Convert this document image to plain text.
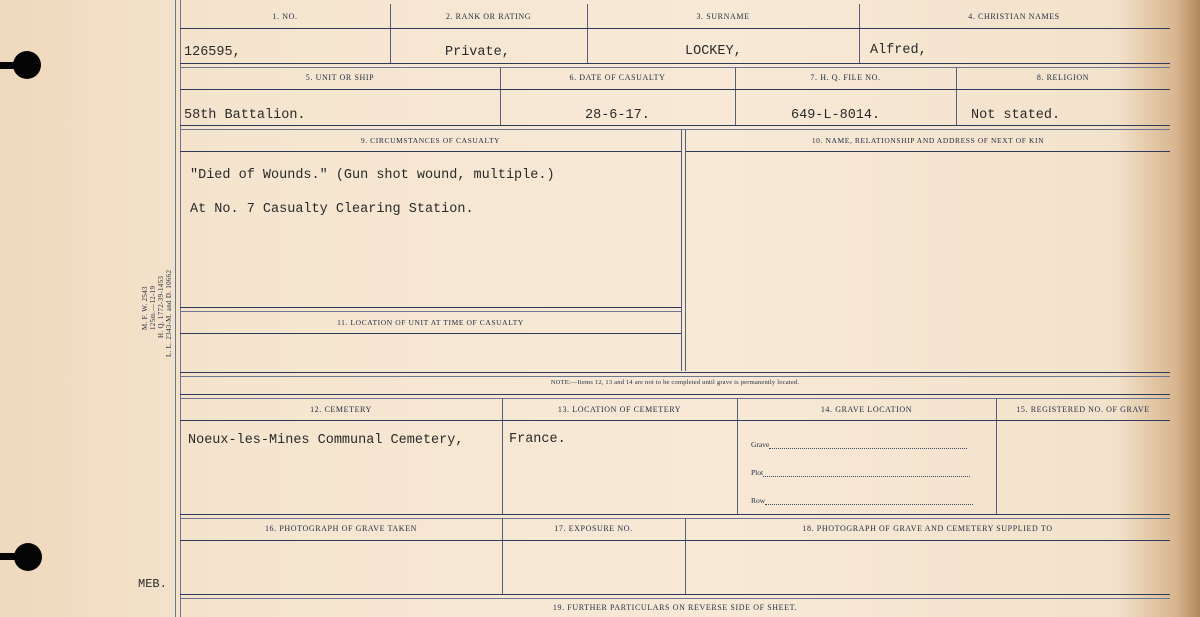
M. F. W. 2543 125m.—12-19 H. Q. 1772-39-1453 L. L. 2343-M. and D. 10662
MEB.
1. NO.	2. RANK OR RATING	3. SURNAME	4. CHRISTIAN NAMES
126595,	Private,	LOCKEY,	Alfred,
5. UNIT OR SHIP	6. DATE OF CASUALTY	7. H. Q. FILE NO.	8. RELIGION
58th Battalion.	28-6-17.	649-L-8014.	Not stated.
9. CIRCUMSTANCES OF CASUALTY
"Died of Wounds." (Gun shot wound, multiple.)
At No. 7 Casualty Clearing Station.
10. NAME, RELATIONSHIP AND ADDRESS OF NEXT OF KIN
11. LOCATION OF UNIT AT TIME OF CASUALTY
NOTE:—Items 12, 13 and 14 are not to be completed until grave is permanently located.
12. CEMETERY	13. LOCATION OF CEMETERY	14. GRAVE LOCATION	15. REGISTERED NO. OF GRAVE
Noeux-les-Mines Communal Cemetery,	France.	Grave
Plot
Row
16. PHOTOGRAPH OF GRAVE TAKEN	17. EXPOSURE NO.	18. PHOTOGRAPH OF GRAVE AND CEMETERY SUPPLIED TO
19. FURTHER PARTICULARS ON REVERSE SIDE OF SHEET.
